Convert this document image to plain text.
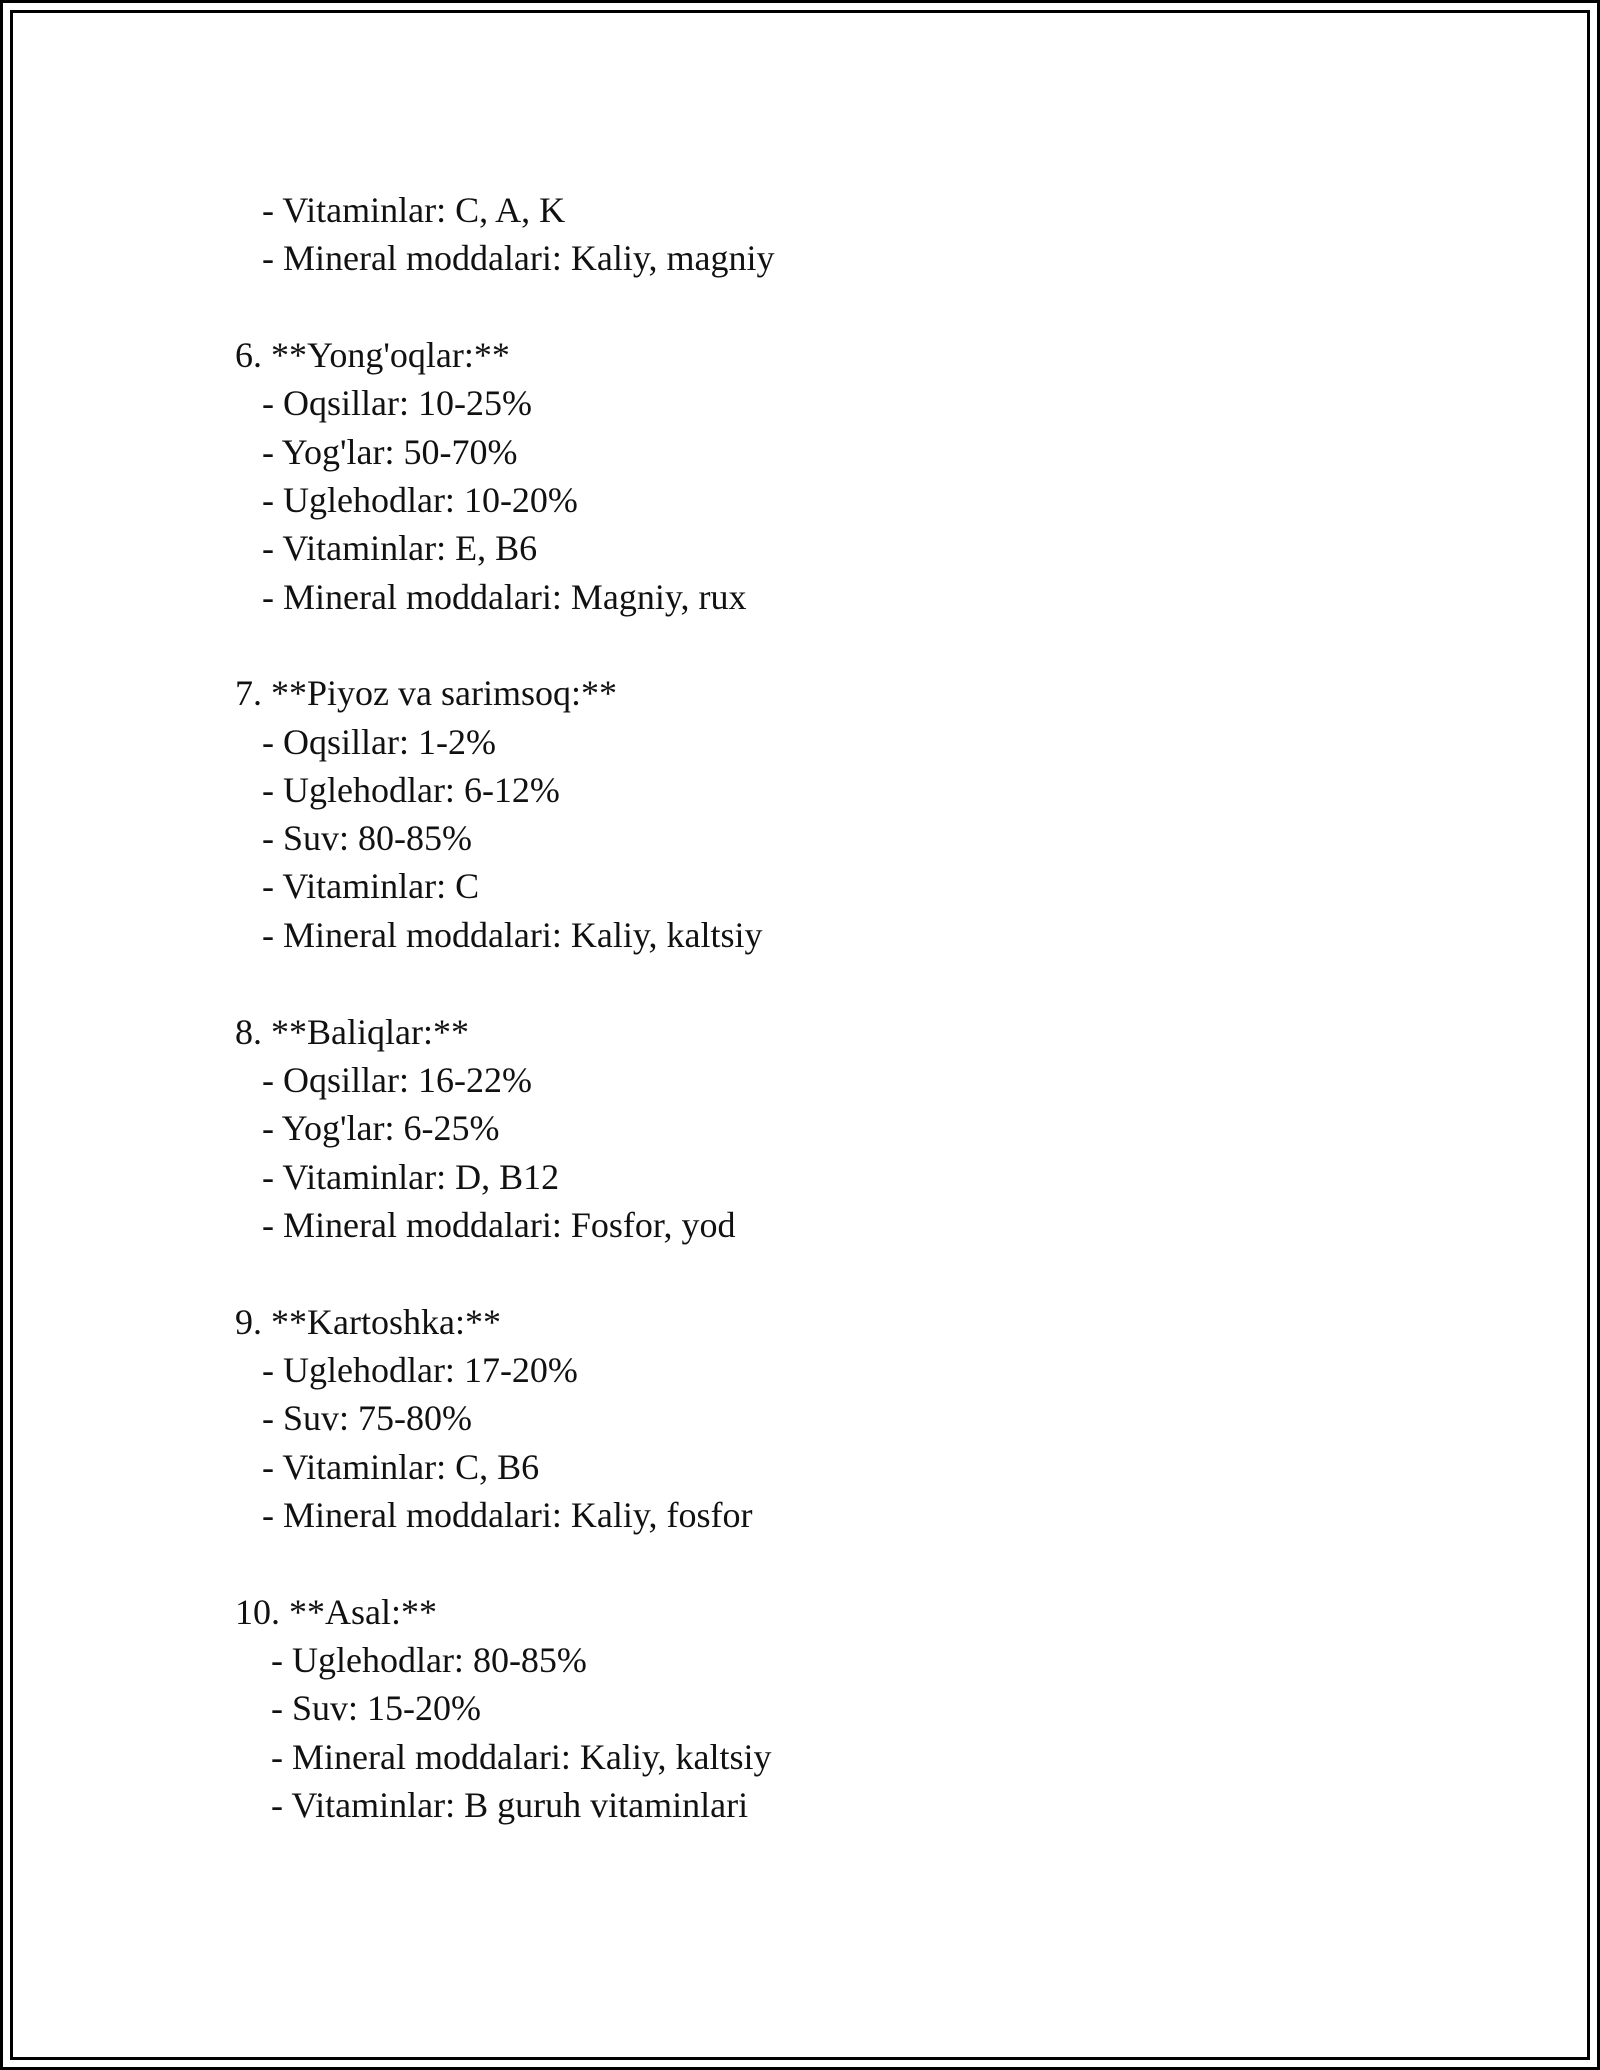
- Vitaminlar: C, A, K
- Mineral moddalari: Kaliy, magniy
6. **Yong'oqlar:**
- Oqsillar: 10-25%
- Yog'lar: 50-70%
- Uglehodlar: 10-20%
- Vitaminlar: E, B6
- Mineral moddalari: Magniy, rux
7. **Piyoz va sarimsoq:**
- Oqsillar: 1-2%
- Uglehodlar: 6-12%
- Suv: 80-85%
- Vitaminlar: C
- Mineral moddalari: Kaliy, kaltsiy
8. **Baliqlar:**
- Oqsillar: 16-22%
- Yog'lar: 6-25%
- Vitaminlar: D, B12
- Mineral moddalari: Fosfor, yod
9. **Kartoshka:**
- Uglehodlar: 17-20%
- Suv: 75-80%
- Vitaminlar: C, B6
- Mineral moddalari: Kaliy, fosfor
10. **Asal:**
- Uglehodlar: 80-85%
- Suv: 15-20%
- Mineral moddalari: Kaliy, kaltsiy
- Vitaminlar: B guruh vitaminlari
